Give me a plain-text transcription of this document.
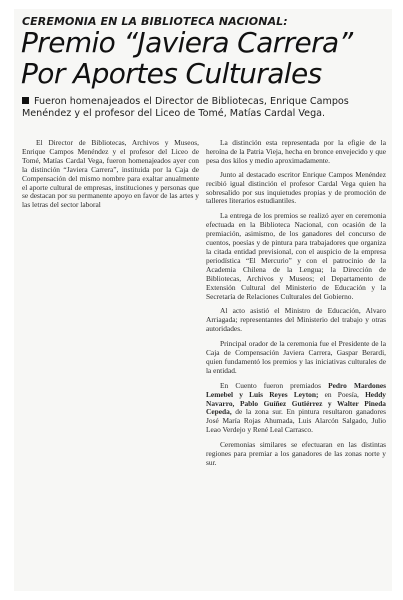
CEREMONIA EN LA BIBLIOTECA NACIONAL:
Premio “Javiera Carrera”
Por Aportes Culturales
Fueron homenajeados el Director de Bibliotecas, Enrique Campos Menéndez y el profesor del Liceo de Tomé, Matías Cardal Vega.

El Director de Bibliotecas, Archivos y Museos, Enrique Campos Menéndez y el profesor del Liceo de Tomé, Matías Cardal Vega, fueron homenajeados ayer con la distinción “Javiera Carrera”, instituida por la Caja de Compensación del mismo nombre para exaltar anualmente el aporte cultural de empresas, instituciones y personas que se destacan por su permanente apoyo en favor de las artes y las letras del sector laboral

La distinción esta representada por la efigie de la heroína de la Patria Vieja, hecha en bronce envejecido y que pesa dos kilos y medio aproximadamente.

Junto al destacado escritor Enrique Campos Menéndez recibió igual distinción el profesor Cardal Vega quien ha sobresalido por sus inquietudes propias y de promoción de talleres literarios estudiantiles.

La entrega de los premios se realizó ayer en ceremonia efectuada en la Biblioteca Nacional, con ocasión de la premiación, asimismo, de los ganadores del concurso de cuentos, poesías y de pintura para trabajadores que organiza la citada entidad previsional, con el auspicio de la empresa periodística “El Mercurio” y con el patrocinio de la Academia Chilena de la Lengua; la Dirección de Bibliotecas, Archivos y Museos; el Departamento de Extensión Cultural del Ministerio de Educación y la Secretaría de Relaciones Culturales del Gobierno.

Al acto asistió el Ministro de Educación, Alvaro Arriagada; representantes del Ministerio del trabajo y otras autoridades.

Principal orador de la ceremonia fue el Presidente de la Caja de Compensación Javiera Carrera, Gaspar Berardi, quien fundamentó los premios y las iniciativas culturales de la entidad.

En Cuento fueron premiados Pedro Mardones Lemebel y Luis Reyes Leyton; en Poesía, Heddy Navarro, Pablo Guíñez Gutiérrez y Walter Pineda Cepeda, de la zona sur. En pintura resultaron ganadores José María Rojas Ahumada, Luis Alarcón Salgado, Julio Leao Verdejo y René Leal Carrasco.

Ceremonias similares se efectuaran en las distintas regiones para premiar a los ganadores de las zonas norte y sur.
